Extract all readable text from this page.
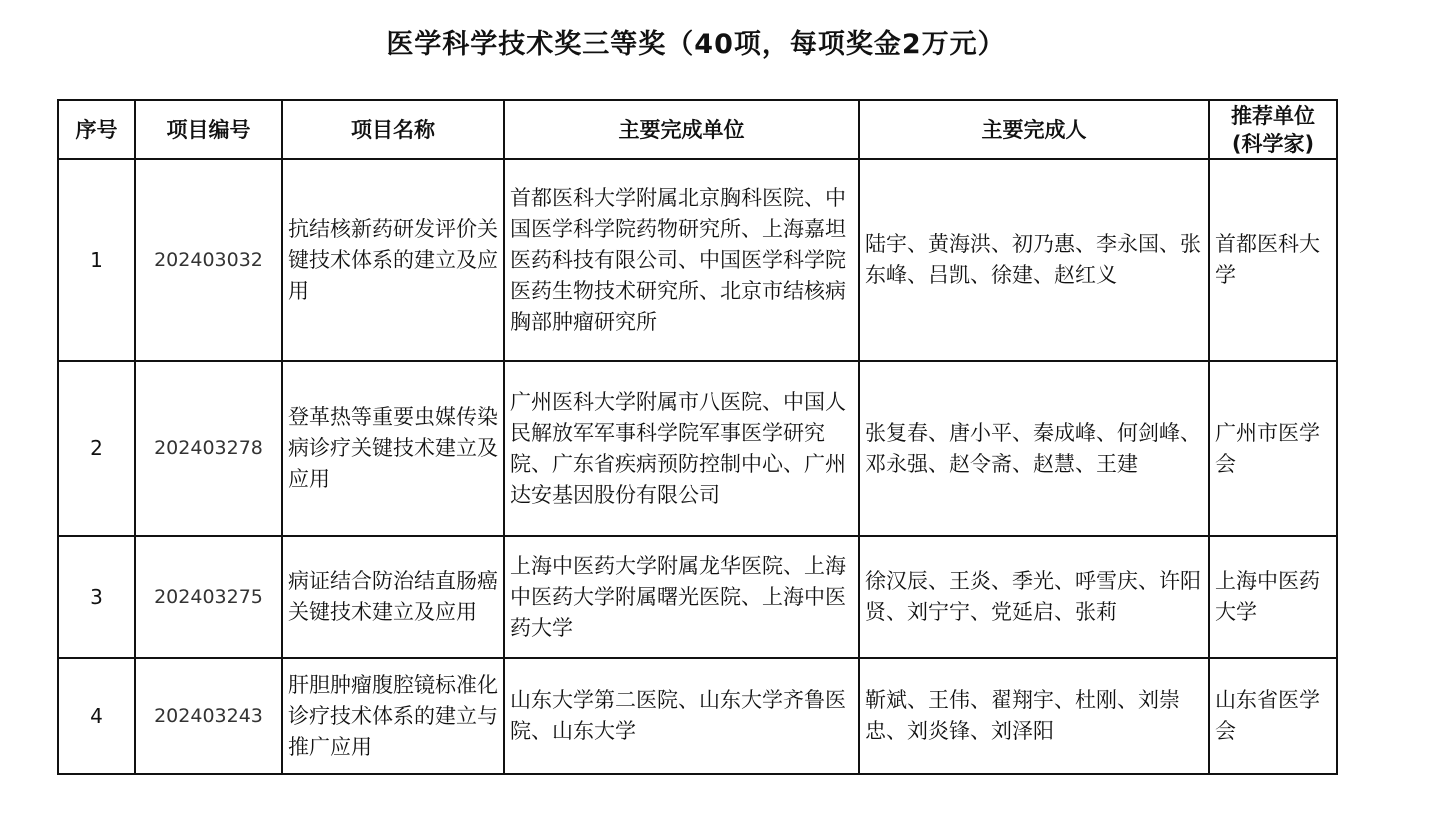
医学科学技术奖三等奖（40项，每项奖金2万元）
序号	项目编号	项目名称	主要完成单位	主要完成人	推荐单位
(科学家)
1	202403032	抗结核新药研发评价关键技术体系的建立及应用	首都医科大学附属北京胸科医院、中国医学科学院药物研究所、上海嘉坦医药科技有限公司、中国医学科学院医药生物技术研究所、北京市结核病胸部肿瘤研究所	陆宇、黄海洪、初乃惠、李永国、张东峰、吕凯、徐建、赵红义	首都医科大学
2	202403278	登革热等重要虫媒传染病诊疗关键技术建立及应用	广州医科大学附属市八医院、中国人民解放军军事科学院军事医学研究院、广东省疾病预防控制中心、广州达安基因股份有限公司	张复春、唐小平、秦成峰、何剑峰、邓永强、赵令斋、赵慧、王建	广州市医学会
3	202403275	病证结合防治结直肠癌关键技术建立及应用	上海中医药大学附属龙华医院、上海中医药大学附属曙光医院、上海中医药大学	徐汉辰、王炎、季光、呼雪庆、许阳贤、刘宁宁、党延启、张莉	上海中医药大学
4	202403243	肝胆肿瘤腹腔镜标准化诊疗技术体系的建立与推广应用	山东大学第二医院、山东大学齐鲁医院、山东大学	靳斌、王伟、翟翔宇、杜刚、刘崇忠、刘炎锋、刘泽阳	山东省医学会
